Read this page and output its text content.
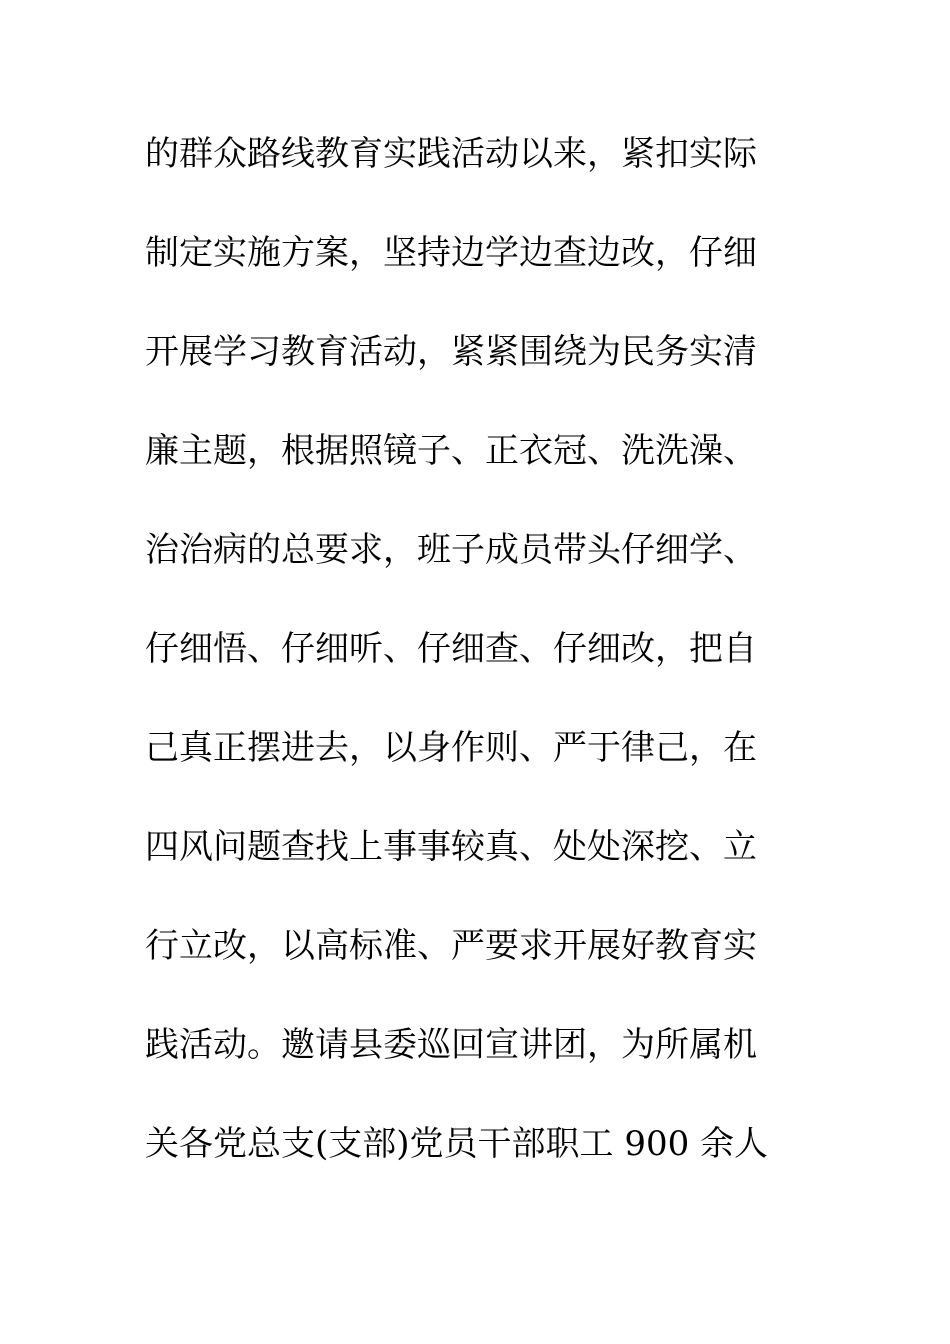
的群众路线教育实践活动以来，紧扣实际
制定实施方案，坚持边学边查边改，仔细
开展学习教育活动，紧紧围绕为民务实清
廉主题，根据照镜子、正衣冠、洗洗澡、
治治病的总要求，班子成员带头仔细学、
仔细悟、仔细听、仔细查、仔细改，把自
己真正摆进去，以身作则、严于律己，在
四风问题查找上事事较真、处处深挖、立
行立改，以高标准、严要求开展好教育实
践活动。邀请县委巡回宣讲团，为所属机
关各党总支(支部)党员干部职工 900 余人
